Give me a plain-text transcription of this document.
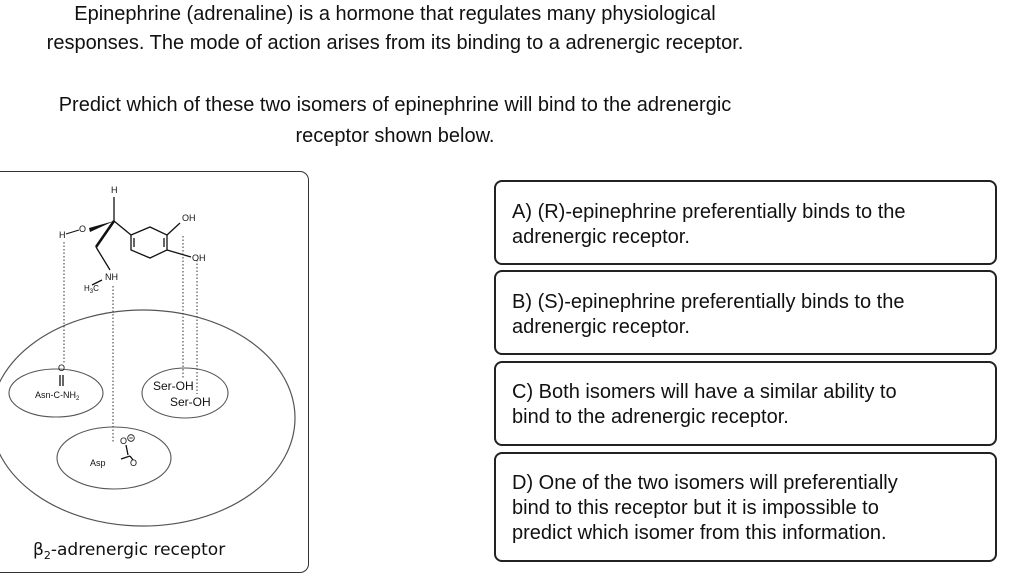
Epinephrine (adrenaline) is a hormone that regulates many physiological
responses. The mode of action arises from its binding to a adrenergic receptor.
Predict which of these two isomers of epinephrine will bind to the adrenergic
receptor shown below.
H
H
O
OH
OH
NH
$H_3C$
O
Asn-$C-NH_2$
Ser-OH
Ser-OH
O
O
Asp
$\beta_2$-adrenergic receptor
A) (R)-epinephrine preferentially binds to the
adrenergic receptor.
B) (S)-epinephrine preferentially binds to the
adrenergic receptor.
C) Both isomers will have a similar ability to
bind to the adrenergic receptor.
D) One of the two isomers will preferentially
bind to this receptor but it is impossible to
predict which isomer from this information.
